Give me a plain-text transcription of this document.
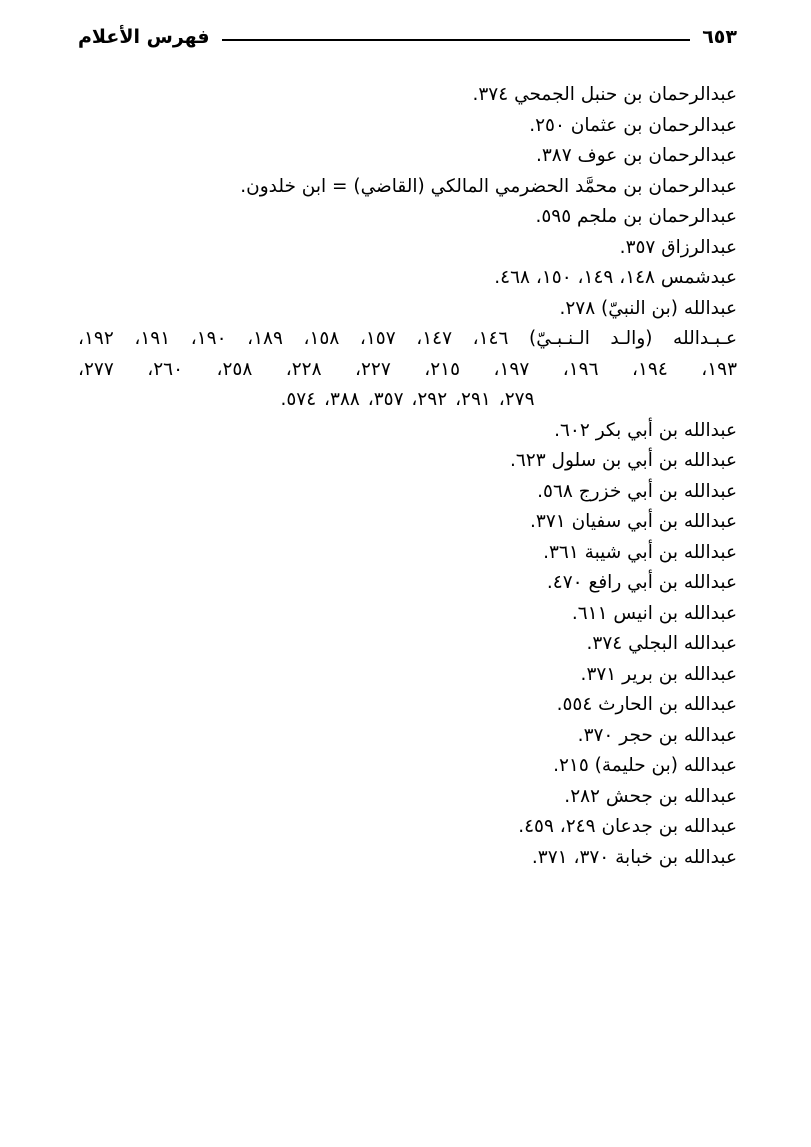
٦٥٣
فهرس الأعلام
عبدالرحمان بن حنبل الجمحي ٣٧٤.
عبدالرحمان بن عثمان ٢٥٠.
عبدالرحمان بن عوف ٣٨٧.
عبدالرحمان بن محمَّد الحضرمي المالكي (القاضي) = ابن خلدون.
عبدالرحمان بن ملجم ٥٩٥.
عبدالرزاق ٣٥٧.
عبدشمس ١٤٨، ١٤٩، ١٥٠، ٤٦٨.
عبدالله (بن النبيّ) ٢٧٨.
عـبـدالله (والـد الـنـبـيّ) ١٤٦، ١٤٧، ١٥٧، ١٥٨، ١٨٩، ١٩٠، ١٩١، ١٩٢،
١٩٣، ١٩٤، ١٩٦، ١٩٧، ٢١٥، ٢٢٧، ٢٢٨، ٢٥٨، ٢٦٠، ٢٧٧،
٢٧٩، ٢٩١، ٢٩٢، ٣٥٧، ٣٨٨، ٥٧٤.
عبدالله بن أبي بكر ٦٠٢.
عبدالله بن أبي بن سلول ٦٢٣.
عبدالله بن أبي خزرج ٥٦٨.
عبدالله بن أبي سفيان ٣٧١.
عبدالله بن أبي شيبة ٣٦١.
عبدالله بن أبي رافع ٤٧٠.
عبدالله بن انيس ٦١١.
عبدالله البجلي ٣٧٤.
عبدالله بن برير ٣٧١.
عبدالله بن الحارث ٥٥٤.
عبدالله بن حجر ٣٧٠.
عبدالله (بن حليمة) ٢١٥.
عبدالله بن جحش ٢٨٢.
عبدالله بن جدعان ٢٤٩، ٤٥٩.
عبدالله بن خبابة ٣٧٠، ٣٧١.
